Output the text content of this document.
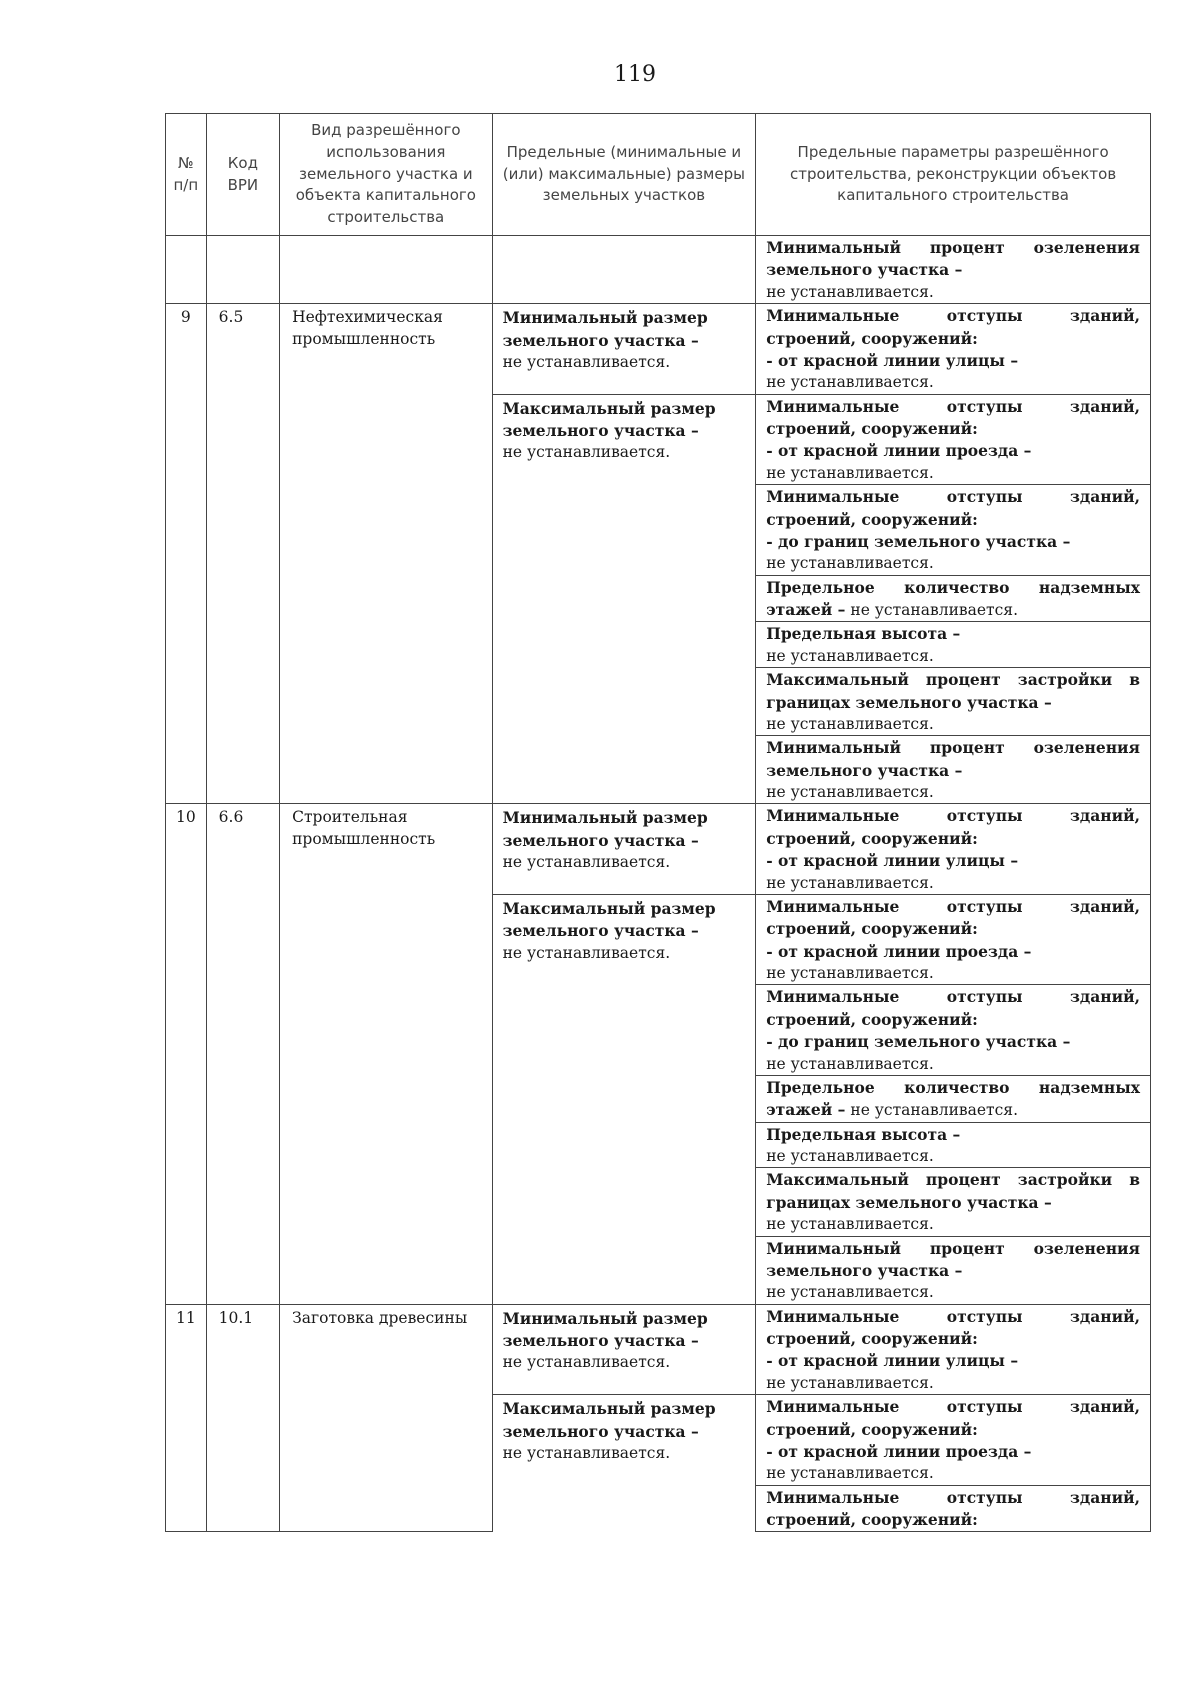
119
№ п/п	Код ВРИ	Вид разрешённого использования земельного участка и объекта капитального строительства	Предельные (минимальные и (или) максимальные) размеры земельных участков	Предельные параметры разрешённого строительства, реконструкции объектов капитального строительства
				Минимальный процент озеленения земельного участка –
не устанавливается.
9	6.5	Нефтехимическая промышленность	Минимальный размер земельного участка –
не устанавливается.	Минимальные отступы зданий, строений, сооружений:
- от красной линии улицы –
не устанавливается.
			Максимальный размер земельного участка –
не устанавливается.	Минимальные отступы зданий, строений, сооружений:
- от красной линии проезда –
не устанавливается.
				Минимальные отступы зданий, строений, сооружений:
- до границ земельного участка –
не устанавливается.
				Предельное количество надземных этажей – не устанавливается.
				Предельная высота –
не устанавливается.
				Максимальный процент застройки в границах земельного участка –
не устанавливается.
				Минимальный процент озеленения земельного участка –
не устанавливается.
10	6.6	Строительная промышленность	Минимальный размер земельного участка –
не устанавливается.	Минимальные отступы зданий, строений, сооружений:
- от красной линии улицы –
не устанавливается.
			Максимальный размер земельного участка –
не устанавливается.	Минимальные отступы зданий, строений, сооружений:
- от красной линии проезда –
не устанавливается.
				Минимальные отступы зданий, строений, сооружений:
- до границ земельного участка –
не устанавливается.
				Предельное количество надземных этажей – не устанавливается.
				Предельная высота –
не устанавливается.
				Максимальный процент застройки в границах земельного участка –
не устанавливается.
				Минимальный процент озеленения земельного участка –
не устанавливается.
11	10.1	Заготовка древесины	Минимальный размер земельного участка –
не устанавливается.	Минимальные отступы зданий, строений, сооружений:
- от красной линии улицы –
не устанавливается.
			Максимальный размер земельного участка –
не устанавливается.	Минимальные отступы зданий, строений, сооружений:
- от красной линии проезда –
не устанавливается.
				Минимальные отступы зданий, строений, сооружений:
